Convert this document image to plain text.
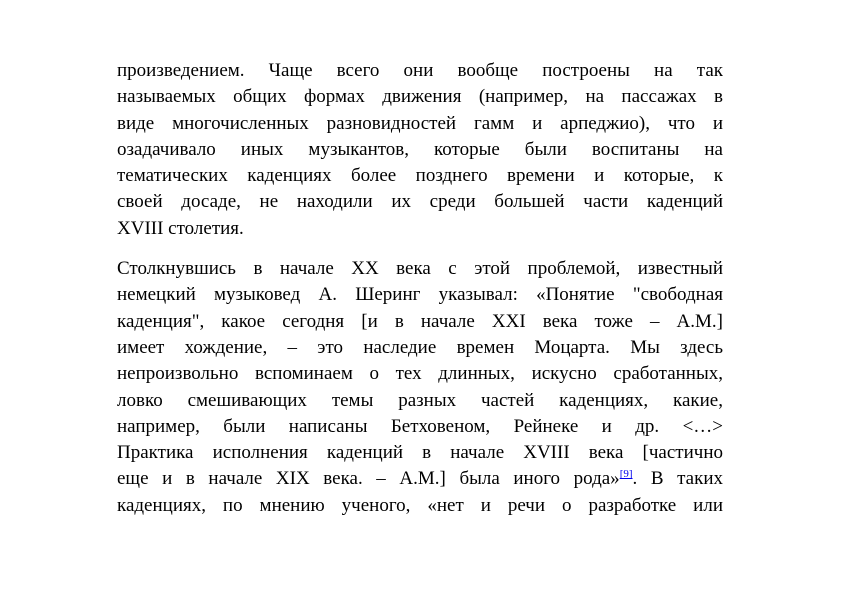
произведением. Чаще всего они вообще построены на так
называемых общих формах движения (например, на пассажах в
виде многочисленных разновидностей гамм и арпеджио), что и
озадачивало иных музыкантов, которые были воспитаны на
тематических каденциях более позднего времени и которые, к
своей досаде, не находили их среди большей части каденций
XVIII столетия.

Столкнувшись в начале XX века с этой проблемой, известный
немецкий музыковед А. Шеринг указывал: «Понятие "свободная
каденция", какое сегодня [и в начале XXI века тоже – А.М.]
имеет хождение, – это наследие времен Моцарта. Мы здесь
непроизвольно вспоминаем о тех длинных, искусно сработанных,
ловко смешивающих темы разных частей каденциях, какие,
например, были написаны Бетховеном, Рейнеке и др. <…>
Практика исполнения каденций в начале XVIII века [частично
еще и в начале XIX века. – А.М.] была иного рода»[9]. В таких
каденциях, по мнению ученого, «нет и речи о разработке или
